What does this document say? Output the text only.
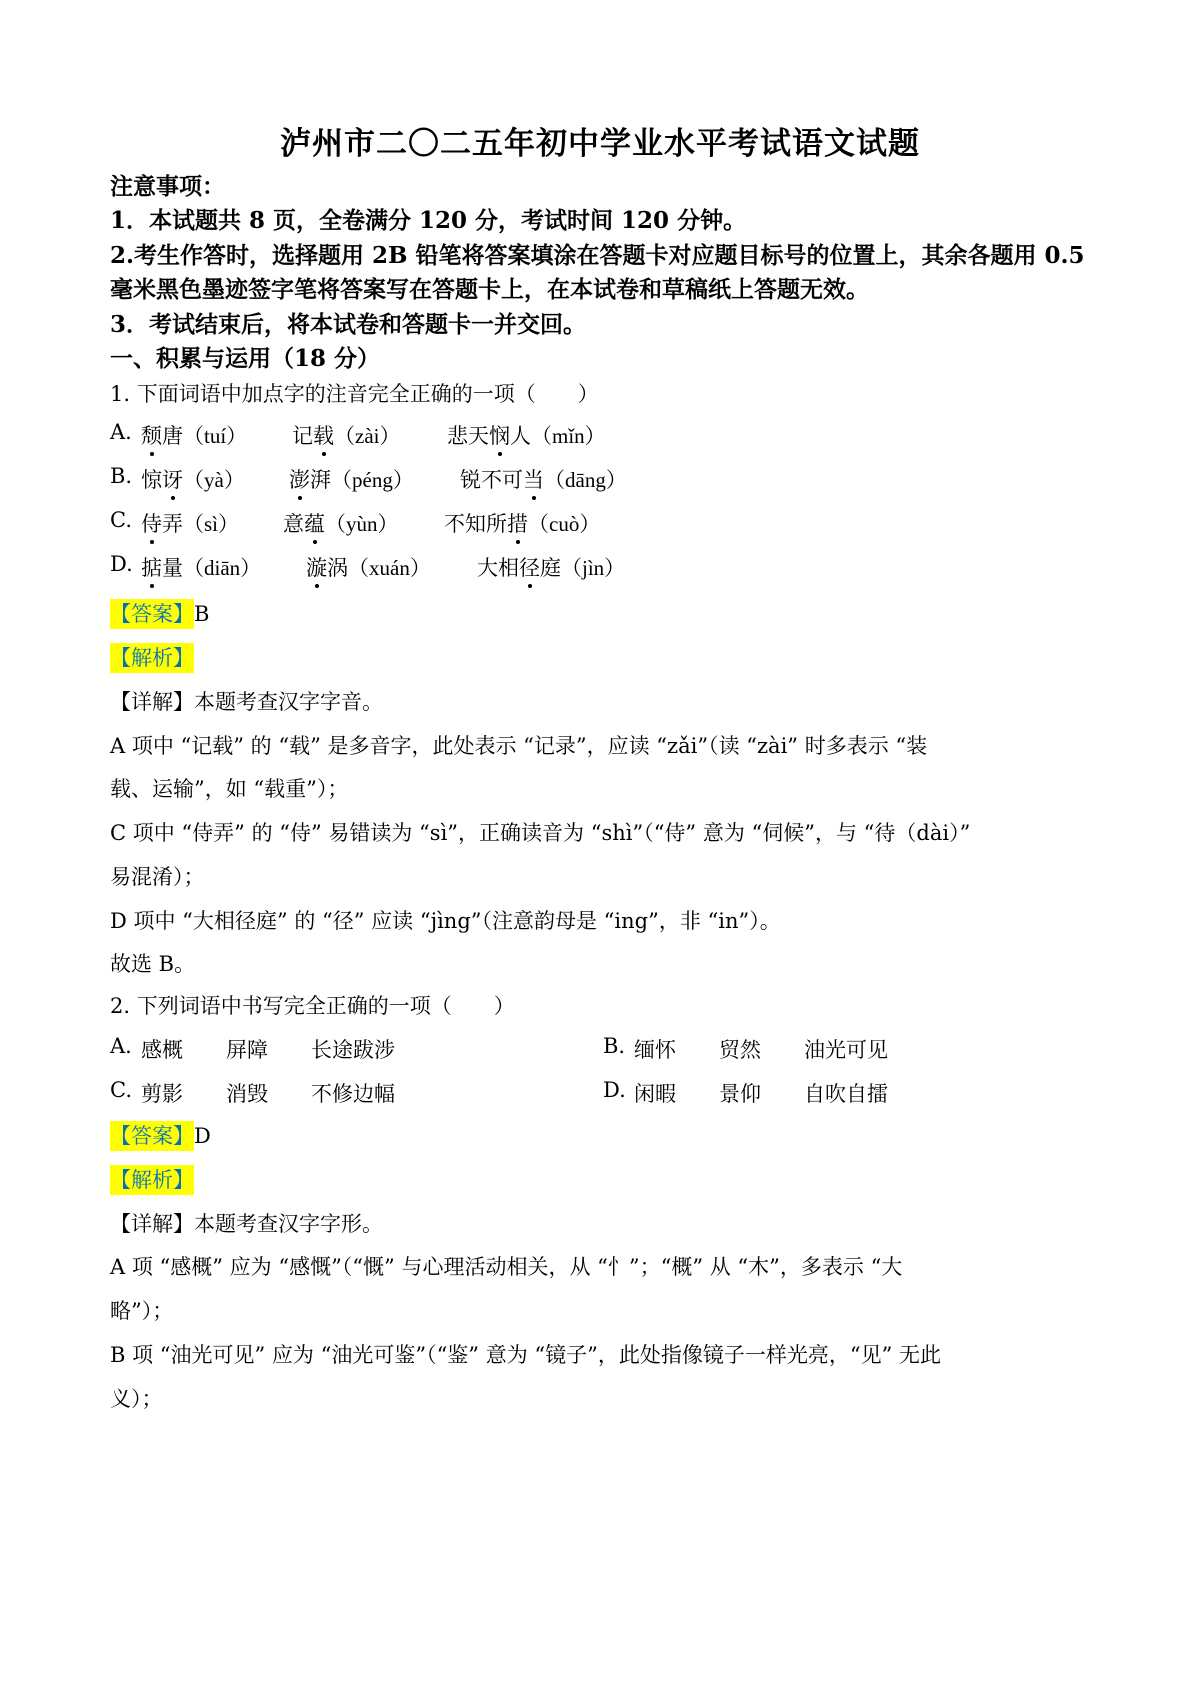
泸州市二〇二五年初中学业水平考试语文试题
注意事项：
1．本试题共 8 页，全卷满分 120 分，考试时间 120 分钟。
2.考生作答时，选择题用 2B 铅笔将答案填涂在答题卡对应题目标号的位置上，其余各题用 0.5
毫米黑色墨迹签字笔将答案写在答题卡上，在本试卷和草稿纸上答题无效。
3．考试结束后，将本试卷和答题卡一并交回。
一、积累与运用（18 分）
1. 下面词语中加点字的注音完全正确的一项（　　）
A. 颓唐（tuí） 记载（zài） 悲天悯人（mǐn）
B. 惊讶（yà） 澎湃（péng） 锐不可当（dāng）
C. 侍弄（sì） 意蕴（yùn） 不知所措（cuò）
D. 掂量（diān） 漩涡（xuán） 大相径庭（jìn）
【答案】B
【解析】
【详解】本题考查汉字字音。
A 项中 “记载” 的 “载” 是多音字，此处表示 “记录”，应读 “zǎi”（读 “zài” 时多表示 “装
载、运输”，如 “载重”）；
C 项中 “侍弄” 的 “侍” 易错读为 “sì”，正确读音为 “shì”（“侍” 意为 “伺候”，与 “待（dài）”
易混淆）；
D 项中 “大相径庭” 的 “径” 应读 “jìng”（注意韵母是 “ing”，非 “in”）。
故选 B。
2. 下列词语中书写完全正确的一项（　　）
A. 感概 屏障 长途跋涉	B. 缅怀 贸然 油光可见
C. 剪影 消毁 不修边幅	D. 闲暇 景仰 自吹自擂
【答案】D
【解析】
【详解】本题考查汉字字形。
A 项 “感概” 应为 “感慨”（“慨” 与心理活动相关，从 “忄”；“概” 从 “木”，多表示 “大
略”）；
B 项 “油光可见” 应为 “油光可鉴”（“鉴” 意为 “镜子”，此处指像镜子一样光亮，“见” 无此
义）；
